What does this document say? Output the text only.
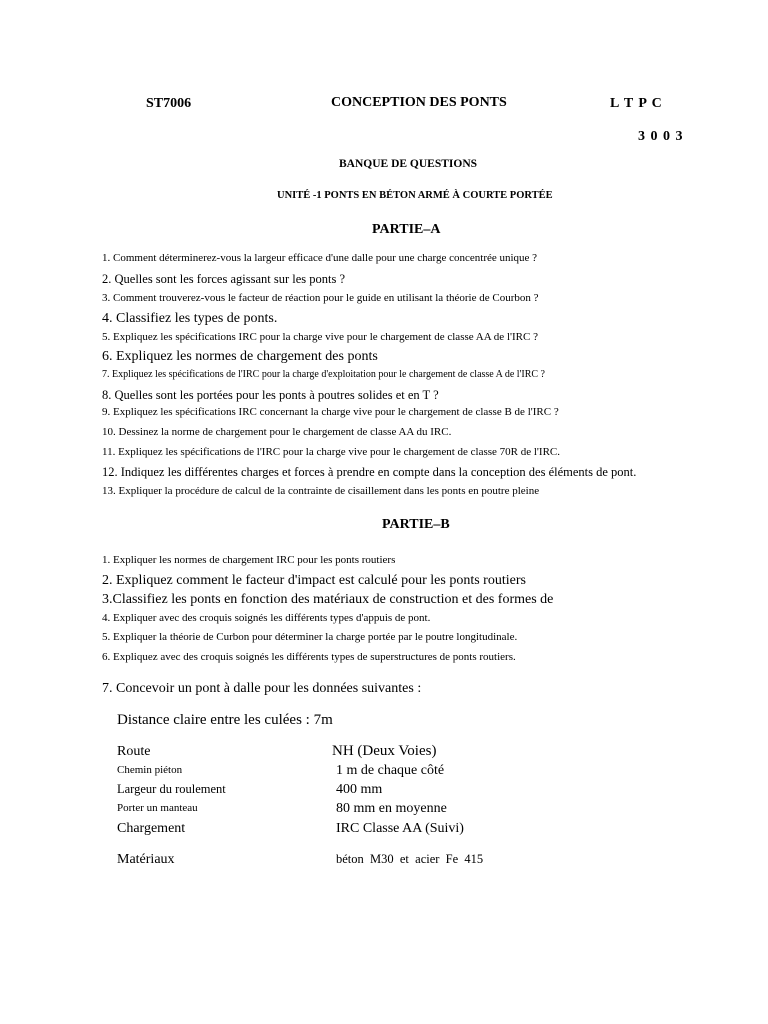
ST7006	CONCEPTION DES PONTS	L T P C
3 0 0 3
BANQUE DE QUESTIONS
UNITÉ -1 PONTS EN BÉTON ARMÉ À COURTE PORTÉE
PARTIE–A
1. Comment déterminerez-vous la largeur efficace d'une dalle pour une charge concentrée unique ?
2. Quelles sont les forces agissant sur les ponts ?
3. Comment trouverez-vous le facteur de réaction pour le guide en utilisant la théorie de Courbon ?
4. Classifiez les types de ponts.
5. Expliquez les spécifications IRC pour la charge vive pour le chargement de classe AA de l'IRC ?
6. Expliquez les normes de chargement des ponts
7. Expliquez les spécifications de l'IRC pour la charge d'exploitation pour le chargement de classe A de l'IRC ?
8. Quelles sont les portées pour les ponts à poutres solides et en T ?
9. Expliquez les spécifications IRC concernant la charge vive pour le chargement de classe B de l'IRC ?
10. Dessinez la norme de chargement pour le chargement de classe AA du IRC.
11. Expliquez les spécifications de l'IRC pour la charge vive pour le chargement de classe 70R de l'IRC.
12. Indiquez les différentes charges et forces à prendre en compte dans la conception des éléments de pont.
13. Expliquer la procédure de calcul de la contrainte de cisaillement dans les ponts en poutre pleine
PARTIE–B
1. Expliquer les normes de chargement IRC pour les ponts routiers
2. Expliquez comment le facteur d'impact est calculé pour les ponts routiers
3.Classifiez les ponts en fonction des matériaux de construction et des formes de
4. Expliquer avec des croquis soignés les différents types d'appuis de pont.
5. Expliquer la théorie de Curbon pour déterminer la charge portée par le poutre longitudinale.
6. Expliquez avec des croquis soignés les différents types de superstructures de ponts routiers.
7. Concevoir un pont à dalle pour les données suivantes :
Distance claire entre les culées : 7m
Route	NH (Deux Voies)
Chemin piéton	1 m de chaque côté
Largeur du roulement	400 mm
Porter un manteau	80 mm en moyenne
Chargement	IRC Classe AA (Suivi)
Matériaux	béton  M30  et  acier  Fe  415
